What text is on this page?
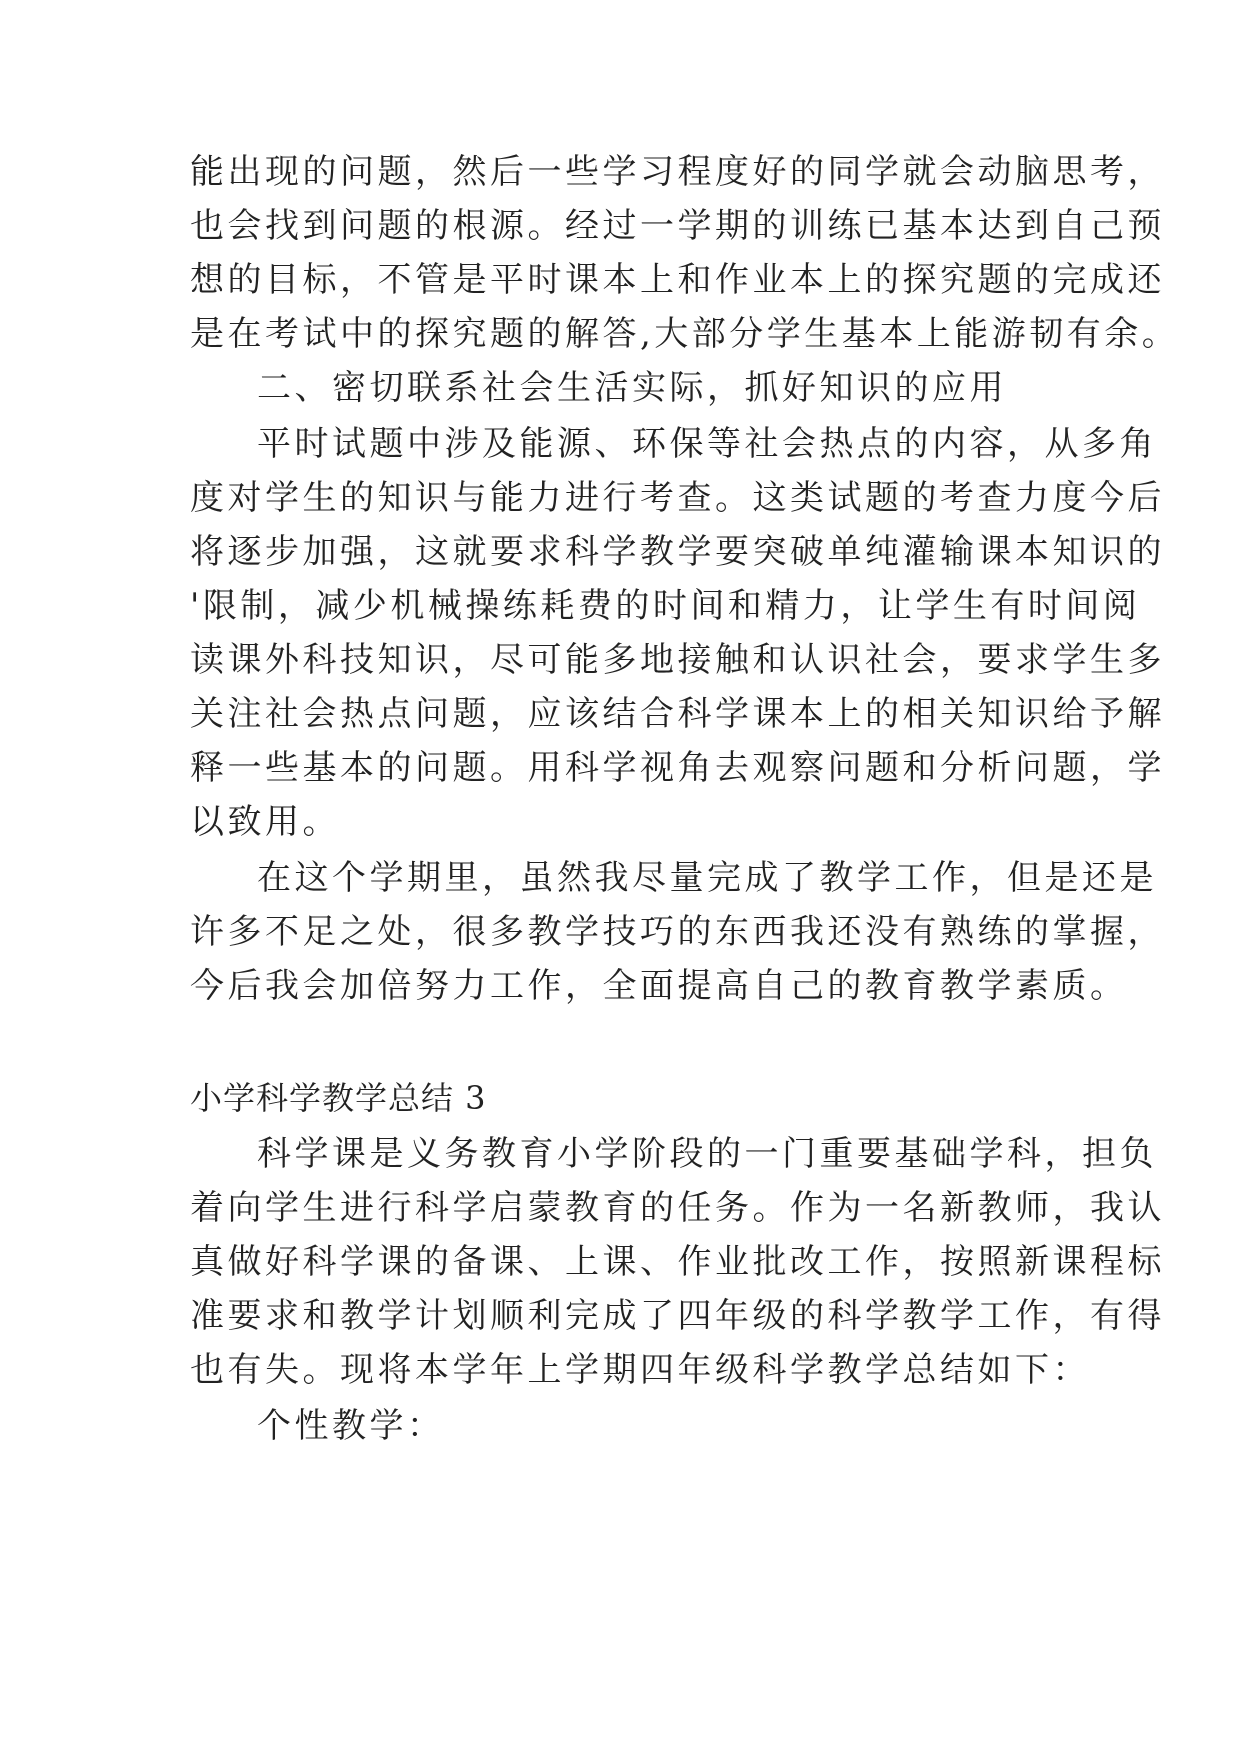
能出现的问题，然后一些学习程度好的同学就会动脑思考，
也会找到问题的根源。经过一学期的训练已基本达到自己预
想的目标，不管是平时课本上和作业本上的探究题的完成还
是在考试中的探究题的解答,大部分学生基本上能游韧有余。
二、密切联系社会生活实际，抓好知识的应用
平时试题中涉及能源、环保等社会热点的内容，从多角
度对学生的知识与能力进行考查。这类试题的考查力度今后
将逐步加强，这就要求科学教学要突破单纯灌输课本知识的
'限制，减少机械操练耗费的时间和精力，让学生有时间阅
读课外科技知识，尽可能多地接触和认识社会，要求学生多
关注社会热点问题，应该结合科学课本上的相关知识给予解
释一些基本的问题。用科学视角去观察问题和分析问题，学
以致用。
在这个学期里，虽然我尽量完成了教学工作，但是还是
许多不足之处，很多教学技巧的东西我还没有熟练的掌握，
今后我会加倍努力工作，全面提高自己的教育教学素质。
小学科学教学总结 3
科学课是义务教育小学阶段的一门重要基础学科，担负
着向学生进行科学启蒙教育的任务。作为一名新教师，我认
真做好科学课的备课、上课、作业批改工作，按照新课程标
准要求和教学计划顺利完成了四年级的科学教学工作，有得
也有失。现将本学年上学期四年级科学教学总结如下：
个性教学：
